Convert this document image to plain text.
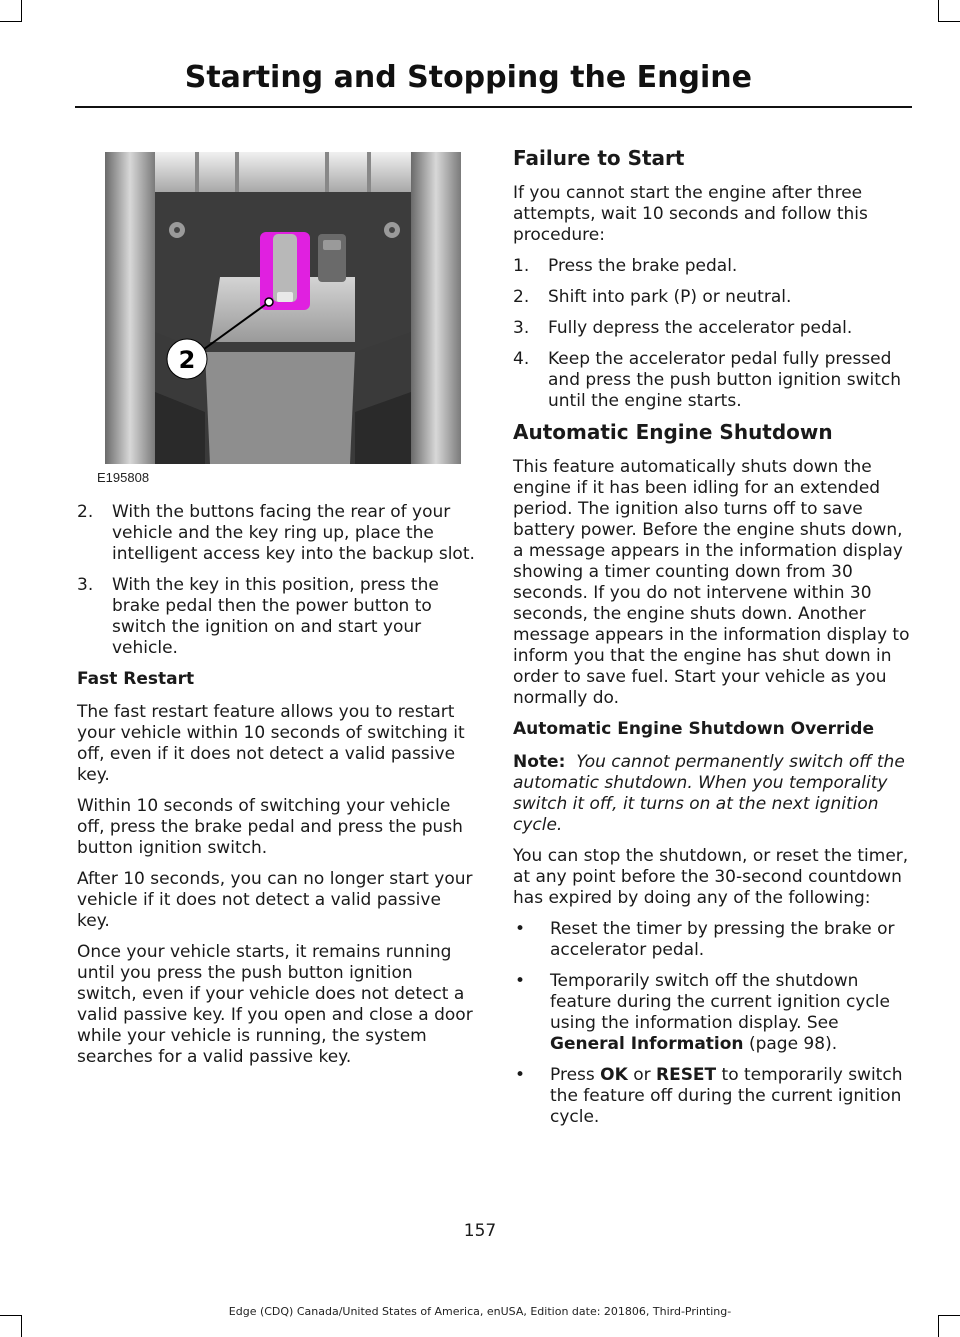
Starting and Stopping the Engine
2
E195808
2.	With the buttons facing the rear of your vehicle and the key ring up, place the intelligent access key into the backup slot.
3.	With the key in this position, press the brake pedal then the power button to switch the ignition on and start your vehicle.
Fast Restart

The fast restart feature allows you to restart your vehicle within 10 seconds of switching it off, even if it does not detect a valid passive key.

Within 10 seconds of switching your vehicle off, press the brake pedal and press the push button ignition switch.

After 10 seconds, you can no longer start your vehicle if it does not detect a valid passive key.

Once your vehicle starts, it remains running until you press the push button ignition switch, even if your vehicle does not detect a valid passive key. If you open and close a door while your vehicle is running, the system searches for a valid passive key.

Failure to Start

If you cannot start the engine after three attempts, wait 10 seconds and follow this procedure:

1.	Press the brake pedal.
2.	Shift into park (P) or neutral.
3.	Fully depress the accelerator pedal.
4.	Keep the accelerator pedal fully pressed and press the push button ignition switch until the engine starts.
Automatic Engine Shutdown

This feature automatically shuts down the engine if it has been idling for an extended period. The ignition also turns off to save battery power. Before the engine shuts down, a message appears in the information display showing a timer counting down from 30 seconds. If you do not intervene within 30 seconds, the engine shuts down. Another message appears in the information display to inform you that the engine has shut down in order to save fuel. Start your vehicle as you normally do.

Automatic Engine Shutdown Override

Note: You cannot permanently switch off the automatic shutdown. When you temporality switch it off, it turns on at the next ignition cycle.

You can stop the shutdown, or reset the timer, at any point before the 30-second countdown has expired by doing any of the following:

•	Reset the timer by pressing the brake or accelerator pedal.
•	Temporarily switch off the shutdown feature during the current ignition cycle using the information display. See General Information (page 98).
•	Press OK or RESET to temporarily switch the feature off during the current ignition cycle.
157
Edge (CDQ) Canada/United States of America, enUSA, Edition date: 201806, Third-Printing-
